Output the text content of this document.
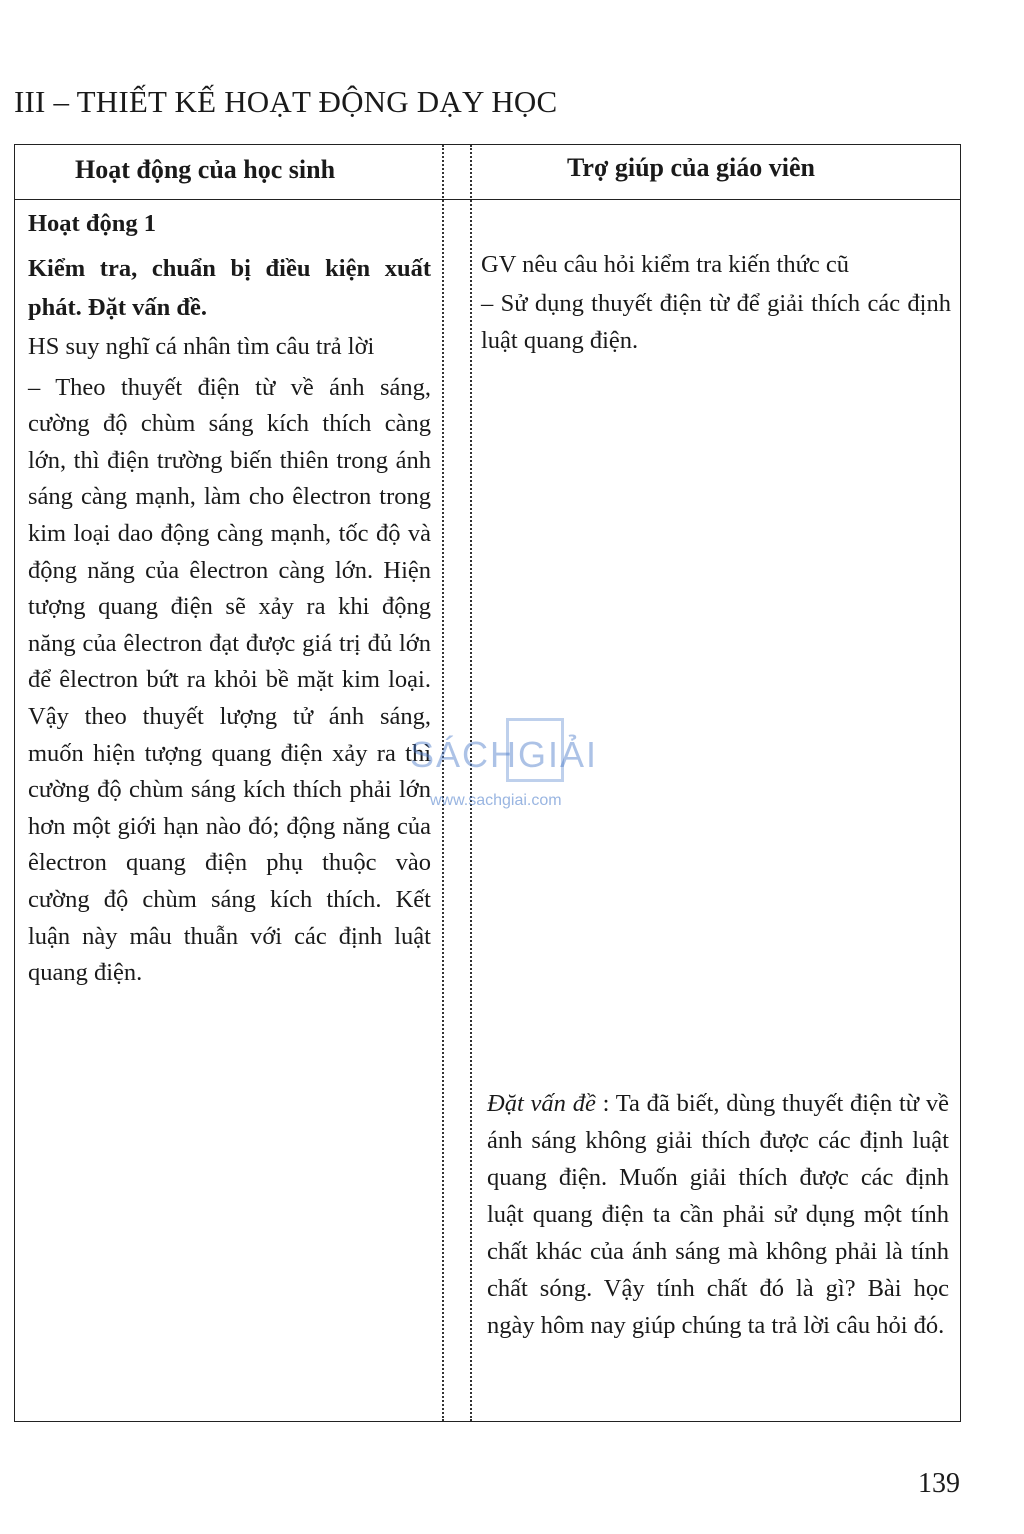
III – THIẾT KẾ HOẠT ĐỘNG DẠY HỌC
Hoạt động của học sinh	Trợ giúp của giáo viên
Hoạt động 1
Kiểm tra, chuẩn bị điều kiện xuất phát. Đặt vấn đề.
HS suy nghĩ cá nhân tìm câu trả lời
– Theo thuyết điện từ về ánh sáng, cường độ chùm sáng kích thích càng lớn, thì điện trường biến thiên trong ánh sáng càng mạnh, làm cho êlectron trong kim loại dao động càng mạnh, tốc độ và động năng của êlectron càng lớn. Hiện tượng quang điện sẽ xảy ra khi động năng của êlectron đạt được giá trị đủ lớn để êlectron bứt ra khỏi bề mặt kim loại. Vậy theo thuyết lượng tử ánh sáng, muốn hiện tượng quang điện xảy ra thì cường độ chùm sáng kích thích phải lớn hơn một giới hạn nào đó; động năng của êlectron quang điện phụ thuộc vào cường độ chùm sáng kích thích. Kết luận này mâu thuẫn với các định luật quang điện.
GV nêu câu hỏi kiểm tra kiến thức cũ
– Sử dụng thuyết điện từ để giải thích các định luật quang điện.
Đặt vấn đề : Ta đã biết, dùng thuyết điện từ về ánh sáng không giải thích được các định luật quang điện. Muốn giải thích được các định luật quang điện ta cần phải sử dụng một tính chất khác của ánh sáng mà không phải là tính chất sóng. Vậy tính chất đó là gì? Bài học ngày hôm nay giúp chúng ta trả lời câu hỏi đó.
SÁCHGIẢI
www.sachgiai.com
139
